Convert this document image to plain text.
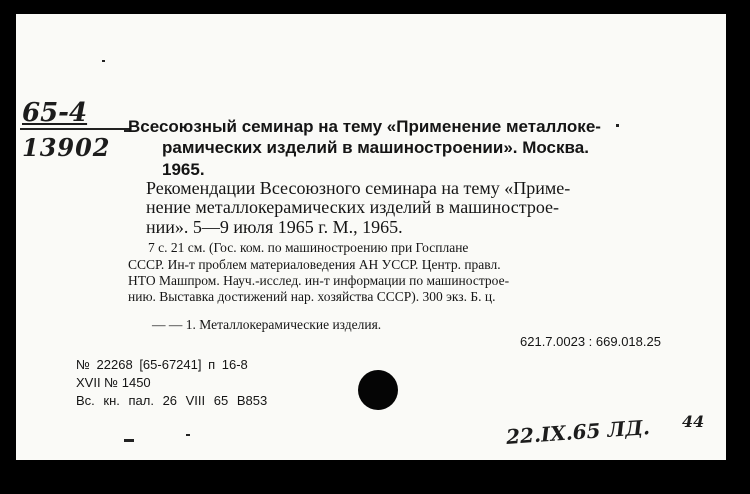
65-4
13902
Всесоюзный семинар на тему «Применение металлоке-
рамических изделий в машиностроении». Москва.
1965.
Рекомендации Всесоюзного семинара на тему «Приме-
нение металлокерамических изделий в машинострое-
нии». 5—9 июля 1965 г. М., 1965.
7 с. 21 см. (Гос. ком. по машиностроению при Госплане
СССР. Ин-т проблем материаловедения АН УССР. Центр. правл.
НТО Машпром. Науч.-исслед. ин-т информации по машинострое-
нию. Выставка достижений нар. хозяйства СССР). 300 экз. Б. ц.
— — 1. Металлокерамические изделия.
621.7.0023 : 669.018.25
№ 22268 [65-67241] п 16-8
XVII № 1450
Вс. кн. пал. 26 VIII 65 В853
22.IX.65 ЛД. 44
